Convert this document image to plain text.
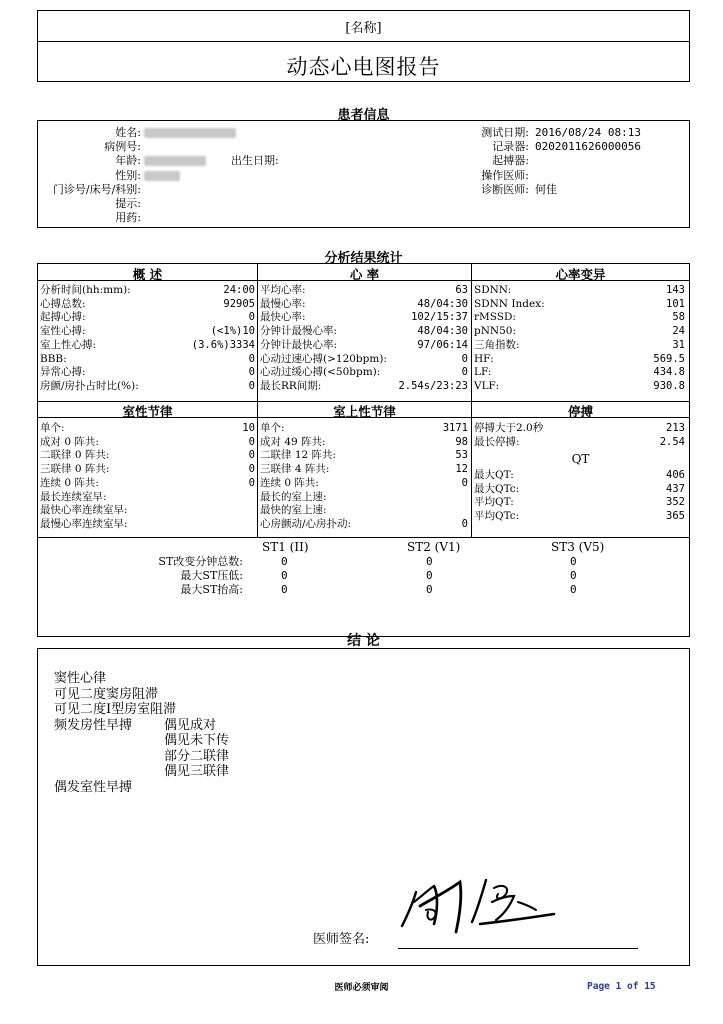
[名称]
动态心电图报告
患者信息
姓名:
病例号:
年龄:
性别:
门诊号/床号/科别:
提示:
用药:
出生日期:
测试日期: 2016/08/24 08:13
记录器: 0202011626000056
起搏器:
操作医师:
诊断医师: 何佳
分析结果统计
概 述	心 率	心率变异
分析时间(hh:mm):	24:00
心搏总数:	92905
起搏心搏:	0
室性心搏:	(<1%)10
室上性心搏:	(3.6%)3334
BBB:	0
异常心搏:	0
房颤/房扑占时比(%):	0
平均心率:	63
最慢心率:	48/04:30
最快心率:	102/15:37
分钟计最慢心率:	48/04:30
分钟计最快心率:	97/06:14
心动过速心搏(>120bpm):	0
心动过缓心搏(<50bpm):	0
最长RR间期:	2.54s/23:23
SDNN:	143
SDNN Index:	101
rMSSD:	58
pNN50:	24
三角指数:	31
HF:	569.5
LF:	434.8
VLF:	930.8
室性节律	室上性节律	停搏
单个:	10
成对 0 阵共:	0
二联律 0 阵共:	0
三联律 0 阵共:	0
连续 0 阵共:	0
最长连续室早:
最快心率连续室早:
最慢心率连续室早:
单个:	3171
成对 49 阵共:	98
二联律 12 阵共:	53
三联律 4 阵共:	12
连续 0 阵共:	0
最长的室上速:
最快的室上速:
心房颤动/心房扑动:	0
停搏大于2.0秒	213
最长停搏:	2.54
QT
最大QT:	406
最大QTc:	437
平均QT:	352
平均QTc:	365
ST1 (II)	ST2 (V1)	ST3 (V5)
ST改变分钟总数:	0	0	0
最大ST压低:	0	0	0
最大ST抬高:	0	0	0
结 论
窦性心律
可见二度窦房阻滞
可见二度I型房室阻滞
频发房性早搏 偶见成对
偶见未下传
部分二联律
偶见三联律
偶发室性早搏
医师签名:
医师必须审阅	Page 1 of 15
